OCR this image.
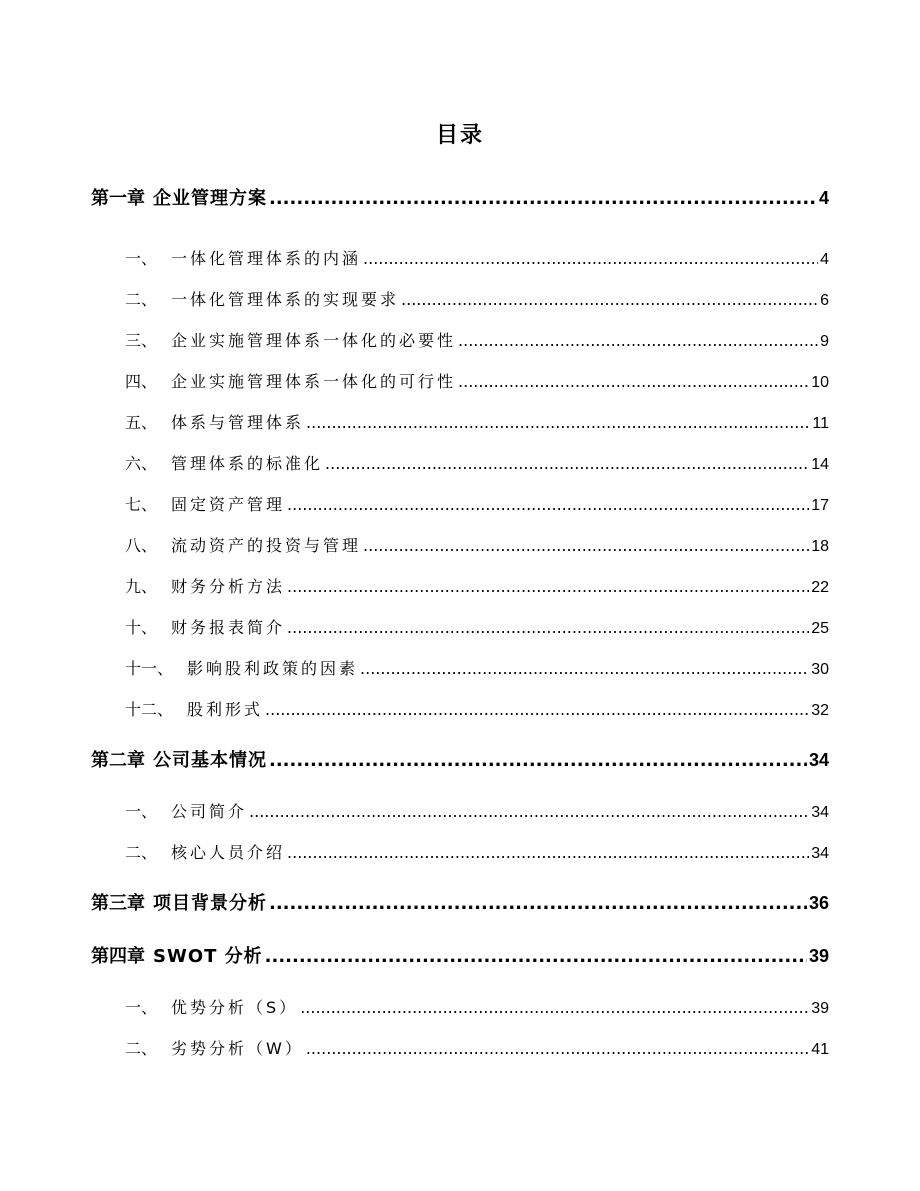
目录
第一章 企业管理方案 .....	4
一、 一体化管理体系的内涵 .....	4
二、 一体化管理体系的实现要求 .....	6
三、 企业实施管理体系一体化的必要性 .....	9
四、 企业实施管理体系一体化的可行性 .....	10
五、 体系与管理体系 .....	11
六、 管理体系的标准化 .....	14
七、 固定资产管理 .....	17
八、 流动资产的投资与管理 .....	18
九、 财务分析方法 .....	22
十、 财务报表简介 .....	25
十一、 影响股利政策的因素 .....	30
十二、 股利形式 .....	32
第二章 公司基本情况 .....	34
一、 公司简介 .....	34
二、 核心人员介绍 .....	34
第三章 项目背景分析 .....	36
第四章 SWOT 分析 .....	39
一、 优势分析（S） .....	39
二、 劣势分析（W） .....	41
